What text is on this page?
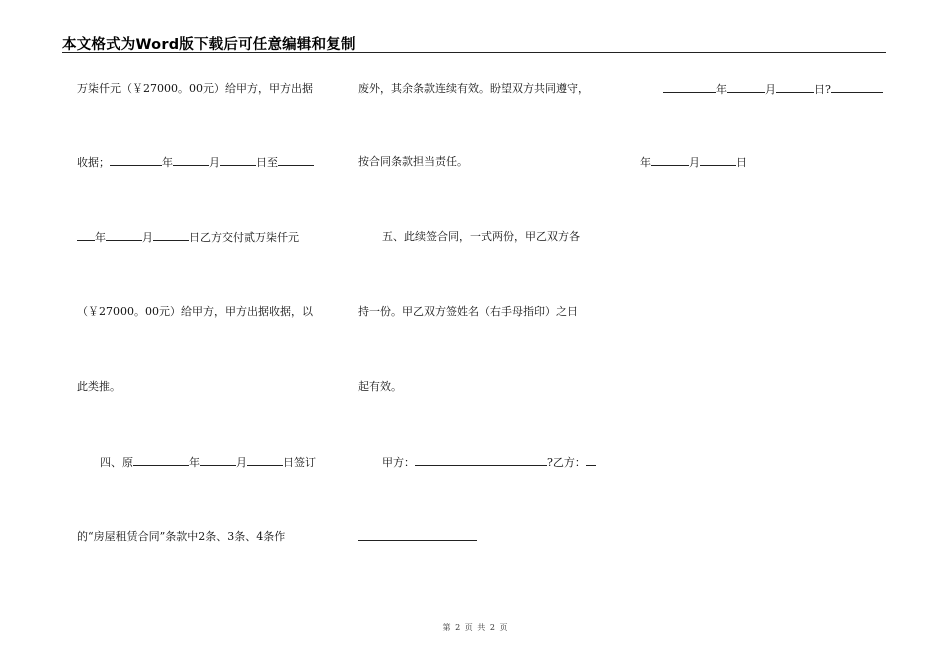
本文格式为Word版下载后可任意编辑和复制
万柒仟元（￥27000。00元）给甲方，甲方出据
收据；	年	月	日至
年	月	日乙方交付贰万柒仟元
（￥27000。00元）给甲方，甲方出据收据，以
此类推。
四、原	年	月	日签订
的“房屋租赁合同”条款中2条、3条、4条作
废外，其余条款连续有效。盼望双方共同遵守，
按合同条款担当责任。
五、此续签合同，一式两份，甲乙双方各
持一份。甲乙双方签姓名（右手母指印）之日
起有效。
甲方：	?乙方：
年	月	日?
年	月	日
第 2 页 共 2 页
